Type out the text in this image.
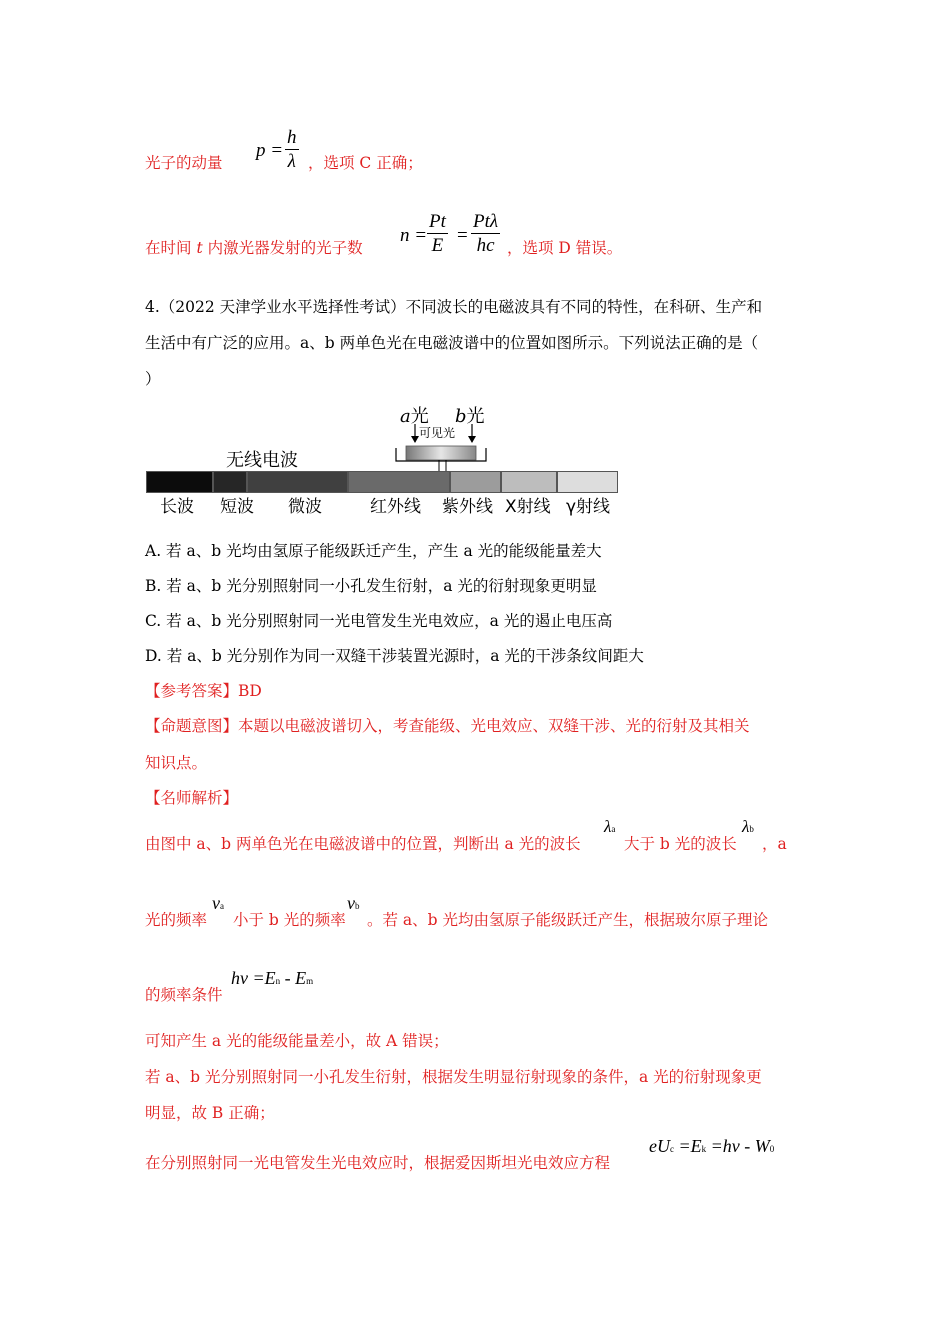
光子的动量
$p = \frac{h}{\lambda}$ ，选项 C 正确；
在时间 t 内激光器发射的光子数
$n = \frac{Pt}{E}$ =
Ptλ
hc ，选项 D 错误。
4.（2022 天津学业水平选择性考试）不同波长的电磁波具有不同的特性，在科研、生产和
生活中有广泛的应用。a、b 两单色光在电磁波谱中的位置如图所示。下列说法正确的是（
）
a光 b光
可见光
无线电波
长波 短波 微波	红外线 紫外线 X射线 γ射线
A. 若 a、b 光均由氢原子能级跃迁产生，产生 a 光的能级能量差大
B. 若 a、b 光分别照射同一小孔发生衍射，a 光的衍射现象更明显
C. 若 a、b 光分别照射同一光电管发生光电效应，a 光的遏止电压高
D. 若 a、b 光分别作为同一双缝干涉装置光源时，a 光的干涉条纹间距大
【参考答案】BD
【命题意图】本题以电磁波谱切入，考查能级、光电效应、双缝干涉、光的衍射及其相关
知识点。
【名师解析】
由图中 a、b 两单色光在电磁波谱中的位置，判断出 a 光的波长
λa
大于 b 光的波长
λb
，a
光的频率
νa
小于 b 光的频率
νb
。若 a、b 光均由氢原子能级跃迁产生，根据玻尔原子理论
的频率条件
hν =En - Em
可知产生 a 光的能级能量差小，故 A 错误；
若 a、b 光分别照射同一小孔发生衍射，根据发生明显衍射现象的条件，a 光的衍射现象更
明显，故 B 正确；
在分别照射同一光电管发生光电效应时，根据爱因斯坦光电效应方程
eUc =Ek =hν - W0
